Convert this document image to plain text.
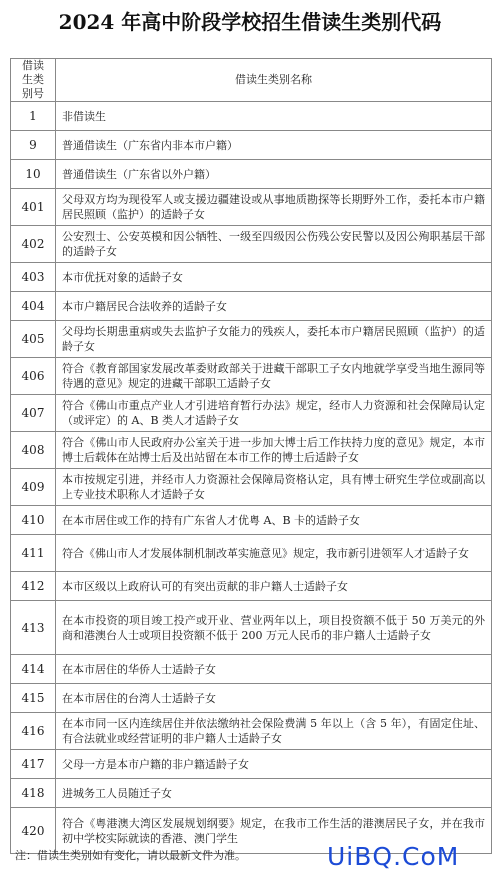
2024 年高中阶段学校招生借读生类别代码
借读生类别号	借读生类别名称
1	非借读生
9	普通借读生（广东省内非本市户籍）
10	普通借读生（广东省以外户籍）
401	父母双方均为现役军人或支援边疆建设或从事地质勘探等长期野外工作，委托本市户籍居民照顾（监护）的适龄子女
402	公安烈士、公安英模和因公牺牲、一级至四级因公伤残公安民警以及因公殉职基层干部的适龄子女
403	本市优抚对象的适龄子女
404	本市户籍居民合法收养的适龄子女
405	父母均长期患重病或失去监护子女能力的残疾人，委托本市户籍居民照顾（监护）的适龄子女
406	符合《教育部国家发展改革委财政部关于进藏干部职工子女内地就学享受当地生源同等待遇的意见》规定的进藏干部职工适龄子女
407	符合《佛山市重点产业人才引进培育暂行办法》规定，经市人力资源和社会保障局认定（或评定）的 A、B 类人才适龄子女
408	符合《佛山市人民政府办公室关于进一步加大博士后工作扶持力度的意见》规定，本市博士后载体在站博士后及出站留在本市工作的博士后适龄子女
409	本市按规定引进，并经市人力资源社会保障局资格认定，具有博士研究生学位或副高以上专业技术职称人才适龄子女
410	在本市居住或工作的持有广东省人才优粤 A、B 卡的适龄子女
411	符合《佛山市人才发展体制机制改革实施意见》规定，我市新引进领军人才适龄子女
412	本市区级以上政府认可的有突出贡献的非户籍人士适龄子女
413	在本市投资的项目竣工投产或开业、营业两年以上，项目投资额不低于 50 万美元的外商和港澳台人士或项目投资额不低于 200 万元人民币的非户籍人士适龄子女
414	在本市居住的华侨人士适龄子女
415	在本市居住的台湾人士适龄子女
416	在本市同一区内连续居住并依法缴纳社会保险费满 5 年以上（含 5 年），有固定住址、有合法就业或经营证明的非户籍人士适龄子女
417	父母一方是本市户籍的非户籍适龄子女
418	进城务工人员随迁子女
420	符合《粤港澳大湾区发展规划纲要》规定，在我市工作生活的港澳居民子女，并在我市初中学校实际就读的香港、澳门学生
注：借读生类别如有变化，请以最新文件为准。	UiBQ.CoM
